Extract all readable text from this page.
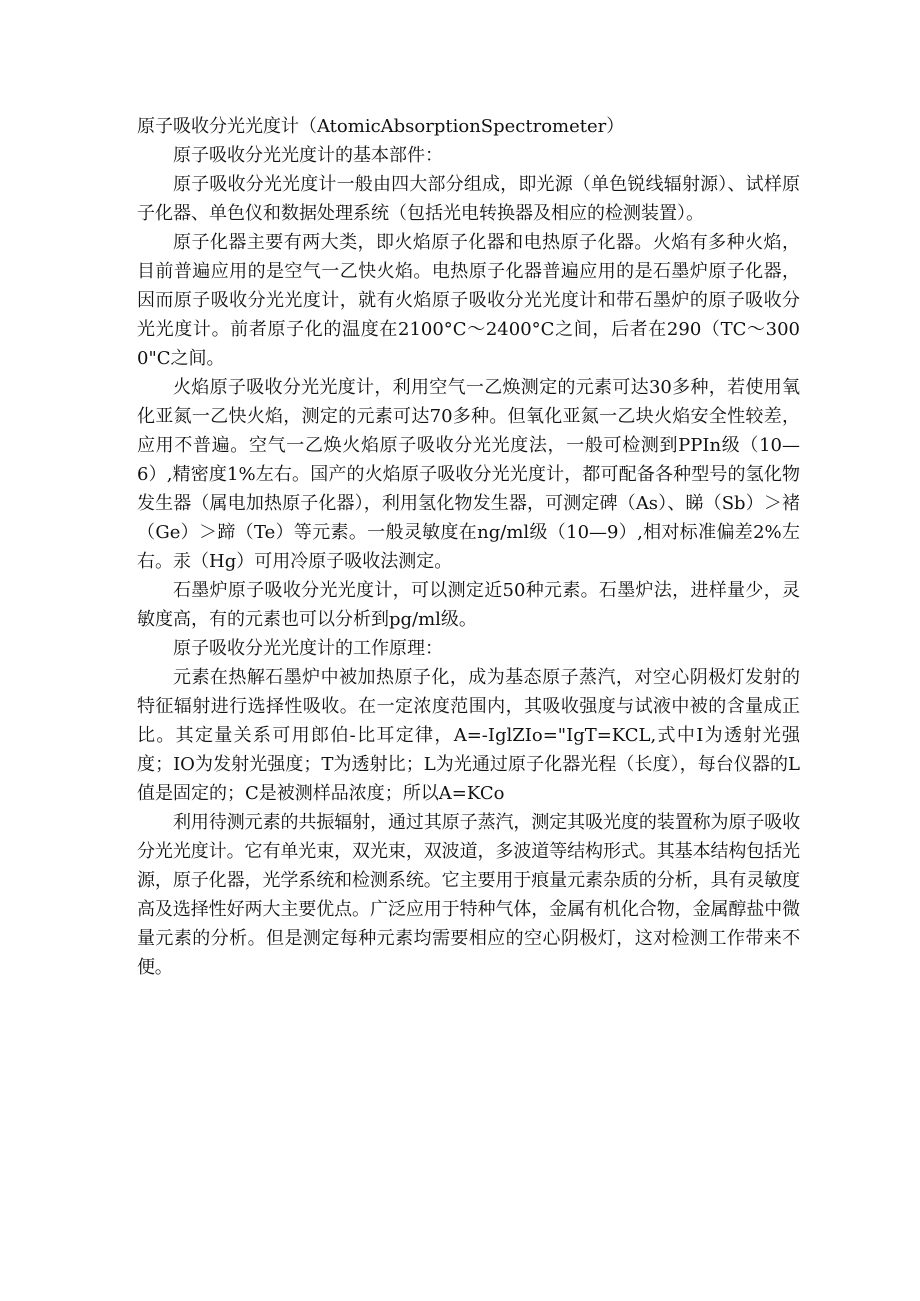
原子吸收分光光度计（AtomicAbsorptionSpectrometer）

原子吸收分光光度计的基本部件：

原子吸收分光光度计一般由四大部分组成，即光源（单色锐线辐射源）、试样原子化器、单色仪和数据处理系统（包括光电转换器及相应的检测装置）。

原子化器主要有两大类，即火焰原子化器和电热原子化器。火焰有多种火焰，目前普遍应用的是空气一乙快火焰。电热原子化器普遍应用的是石墨炉原子化器，因而原子吸收分光光度计，就有火焰原子吸收分光光度计和带石墨炉的原子吸收分光光度计。前者原子化的温度在2100°C～2400°C之间，后者在290（TC～3000"C之间。

火焰原子吸收分光光度计，利用空气一乙焕测定的元素可达30多种，若使用氧化亚氮一乙快火焰，测定的元素可达70多种。但氧化亚氮一乙块火焰安全性较差，应用不普遍。空气一乙焕火焰原子吸收分光光度法，一般可检测到PPIn级（10—6）,精密度1%左右。国产的火焰原子吸收分光光度计，都可配备各种型号的氢化物发生器（属电加热原子化器），利用氢化物发生器，可测定碑（As）、睇（Sb）＞褚（Ge）＞蹄（Te）等元素。一般灵敏度在ng/ml级（10—9）,相对标准偏差2%左右。汞（Hg）可用冷原子吸收法测定。

石墨炉原子吸收分光光度计，可以测定近50种元素。石墨炉法，进样量少，灵敏度高，有的元素也可以分析到pg/ml级。

原子吸收分光光度计的工作原理：

元素在热解石墨炉中被加热原子化，成为基态原子蒸汽，对空心阴极灯发射的特征辐射进行选择性吸收。在一定浓度范围内，其吸收强度与试液中被的含量成正比。其定量关系可用郎伯-比耳定律，A=-IglZIo="IgT=KCL,式中I为透射光强度；IO为发射光强度；T为透射比；L为光通过原子化器光程（长度），每台仪器的L值是固定的；C是被测样品浓度；所以A=KCo

利用待测元素的共振辐射，通过其原子蒸汽，测定其吸光度的装置称为原子吸收分光光度计。它有单光束，双光束，双波道，多波道等结构形式。其基本结构包括光源，原子化器，光学系统和检测系统。它主要用于痕量元素杂质的分析，具有灵敏度高及选择性好两大主要优点。广泛应用于特种气体，金属有机化合物，金属醇盐中微量元素的分析。但是测定每种元素均需要相应的空心阴极灯，这对检测工作带来不便。
